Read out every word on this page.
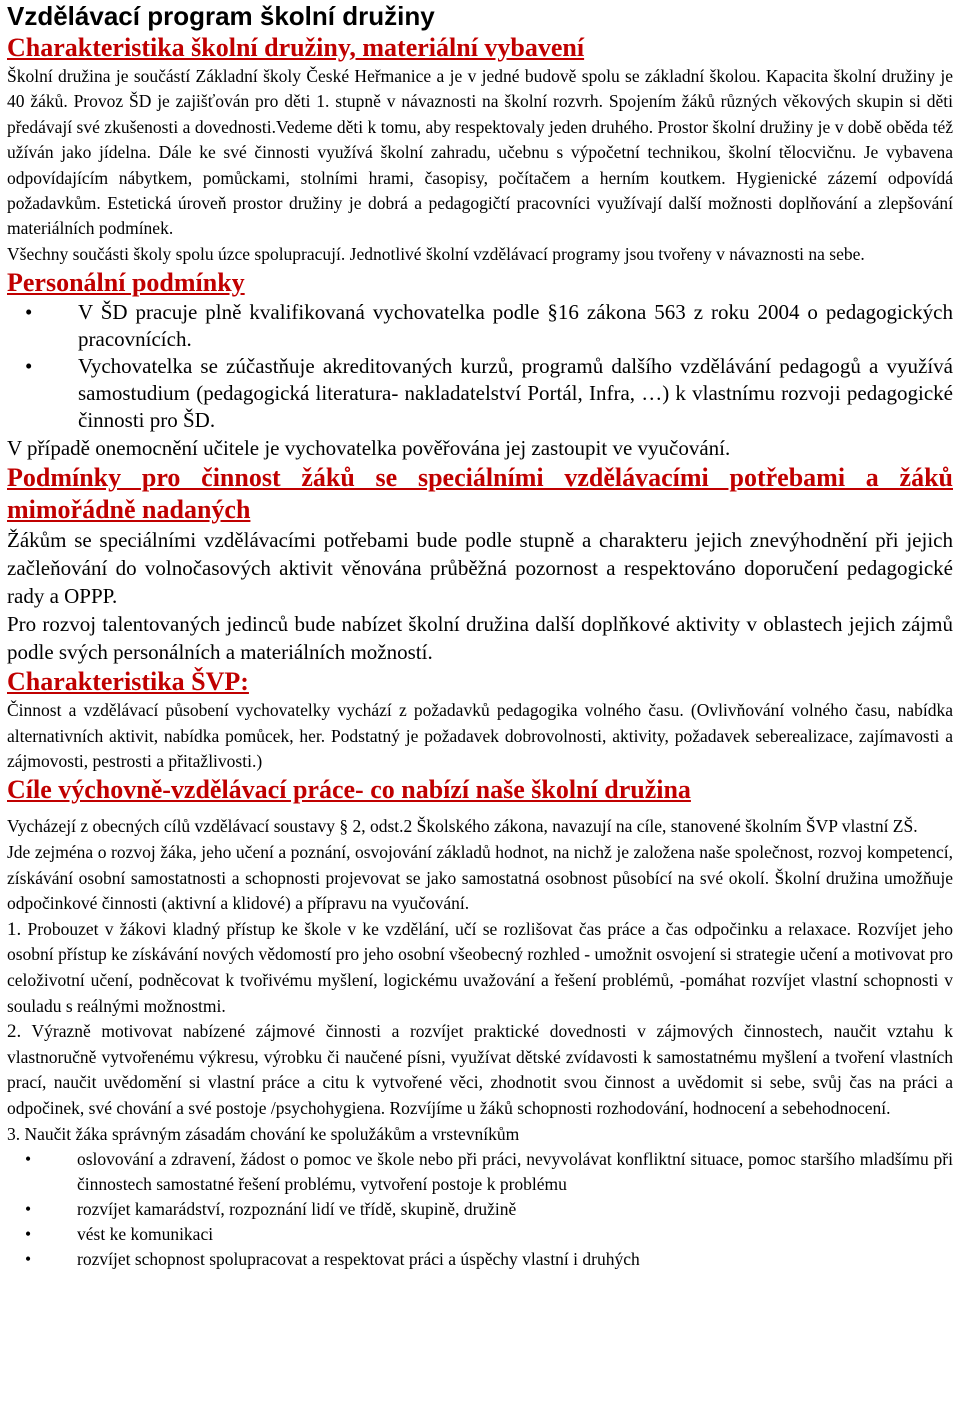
Vzdělávací program školní družiny
Charakteristika školní družiny, materiální vybavení

Školní družina je součástí Základní školy České Heřmanice a je v jedné budově spolu se základní školou. Kapacita školní družiny je 40 žáků. Provoz ŠD je zajišťován pro děti 1. stupně v návaznosti na školní rozvrh. Spojením žáků různých věkových skupin si děti předávají své zkušenosti a dovednosti.Vedeme děti k tomu, aby respektovaly jeden druhého. Prostor školní družiny je v době oběda též užíván jako jídelna. Dále ke své činnosti využívá školní zahradu, učebnu s výpočetní technikou, školní tělocvičnu. Je vybavena odpovídajícím nábytkem, pomůckami, stolními hrami, časopisy, počítačem a herním koutkem. Hygienické zázemí odpovídá požadavkům. Estetická úroveň prostor družiny je dobrá a pedagogičtí pracovníci využívají další možnosti doplňování a zlepšování materiálních podmínek.

Všechny součásti školy spolu úzce spolupracují. Jednotlivé školní vzdělávací programy jsou tvořeny v návaznosti na sebe.

Personální podmínky
• V ŠD pracuje plně kvalifikovaná vychovatelka podle §16 zákona 563 z roku 2004 o pedagogických pracovnících.
• Vychovatelka se zúčastňuje akreditovaných kurzů, programů dalšího vzdělávání pedagogů a využívá samostudium (pedagogická literatura- nakladatelství Portál, Infra, …) k vlastnímu rozvoji pedagogické činnosti pro ŠD.

V případě onemocnění učitele je vychovatelka pověřována jej zastoupit ve vyučování.

Podmínky pro činnost žáků se speciálními vzdělávacími potřebami a žáků mimořádně nadaných

Žákům se speciálními vzdělávacími potřebami bude podle stupně a charakteru jejich znevýhodnění při jejich začleňování do volnočasových aktivit věnována průběžná pozornost a respektováno doporučení pedagogické rady a OPPP.

Pro rozvoj talentovaných jedinců bude nabízet školní družina další doplňkové aktivity v oblastech jejich zájmů podle svých personálních a materiálních možností.

Charakteristika ŠVP:

Činnost a vzdělávací působení vychovatelky vychází z požadavků pedagogika volného času. (Ovlivňování volného času, nabídka alternativních aktivit, nabídka pomůcek, her. Podstatný je požadavek dobrovolnosti, aktivity, požadavek seberealizace, zajímavosti a zájmovosti, pestrosti a přitažlivosti.)

Cíle výchovně-vzdělávací práce- co nabízí naše školní družina

Vycházejí z obecných cílů vzdělávací soustavy § 2, odst.2 Školského zákona, navazují na cíle, stanovené školním ŠVP vlastní ZŠ.

Jde zejména o rozvoj žáka, jeho učení a poznání, osvojování základů hodnot, na nichž je založena naše společnost, rozvoj kompetencí, získávání osobní samostatnosti a schopnosti projevovat se jako samostatná osobnost působící na své okolí. Školní družina umožňuje odpočinkové činnosti (aktivní a klidové) a přípravu na vyučování.

1. Probouzet v žákovi kladný přístup ke škole v ke vzdělání, učí se rozlišovat čas práce a čas odpočinku a relaxace. Rozvíjet jeho osobní přístup ke získávání nových vědomostí pro jeho osobní všeobecný rozhled - umožnit osvojení si strategie učení a motivovat pro celoživotní učení, podněcovat k tvořivému myšlení, logickému uvažování a řešení problémů, -pomáhat rozvíjet vlastní schopnosti v souladu s reálnými možnostmi.

2. Výrazně motivovat nabízené zájmové činnosti a rozvíjet praktické dovednosti v zájmových činnostech, naučit vztahu k vlastnoručně vytvořenému výkresu, výrobku či naučené písni, využívat dětské zvídavosti k samostatnému myšlení a tvoření vlastních prací, naučit uvědomění si vlastní práce a citu k vytvořené věci, zhodnotit svou činnost a uvědomit si sebe, svůj čas na práci a odpočinek, své chování a své postoje /psychohygiena. Rozvíjíme u žáků schopnosti rozhodování, hodnocení a sebehodnocení.

3. Naučit žáka správným zásadám chování ke spolužákům a vrstevníkům

•	oslovování a zdravení, žádost o pomoc ve škole nebo při práci, nevyvolávat konfliktní situace, pomoc staršího mladšímu při činnostech samostatné řešení problému, vytvoření postoje k problému
•	rozvíjet kamarádství, rozpoznání lidí ve třídě, skupině, družině
•	vést ke komunikaci
•	rozvíjet schopnost spolupracovat a respektovat práci a úspěchy vlastní i druhých
